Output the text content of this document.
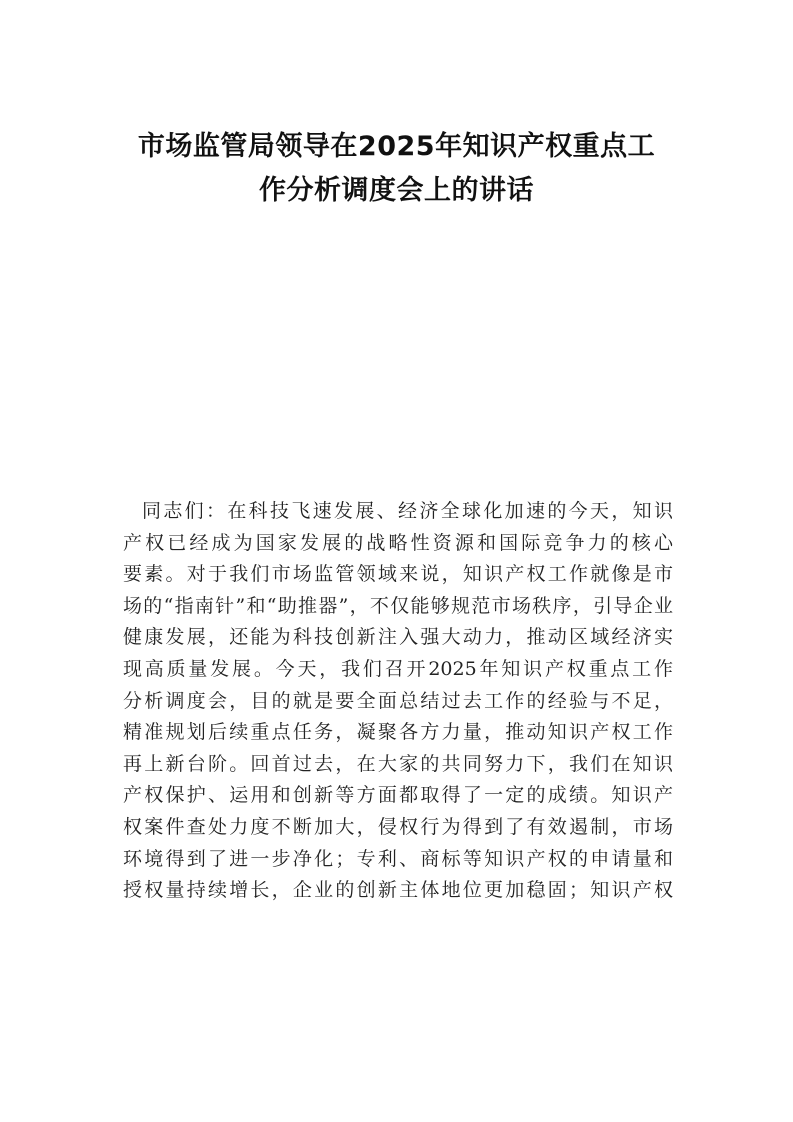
市场监管局领导在2025年知识产权重点工
作分析调度会上的讲话
同志们：在科技飞速发展、经济全球化加速的今天，知识
产权已经成为国家发展的战略性资源和国际竞争力的核心
要素。对于我们市场监管领域来说，知识产权工作就像是市
场的“指南针”和“助推器”，不仅能够规范市场秩序，引导企业
健康发展，还能为科技创新注入强大动力，推动区域经济实
现高质量发展。今天，我们召开2025年知识产权重点工作
分析调度会，目的就是要全面总结过去工作的经验与不足，
精准规划后续重点任务，凝聚各方力量，推动知识产权工作
再上新台阶。回首过去，在大家的共同努力下，我们在知识
产权保护、运用和创新等方面都取得了一定的成绩。知识产
权案件查处力度不断加大，侵权行为得到了有效遏制，市场
环境得到了进一步净化；专利、商标等知识产权的申请量和
授权量持续增长，企业的创新主体地位更加稳固；知识产权
